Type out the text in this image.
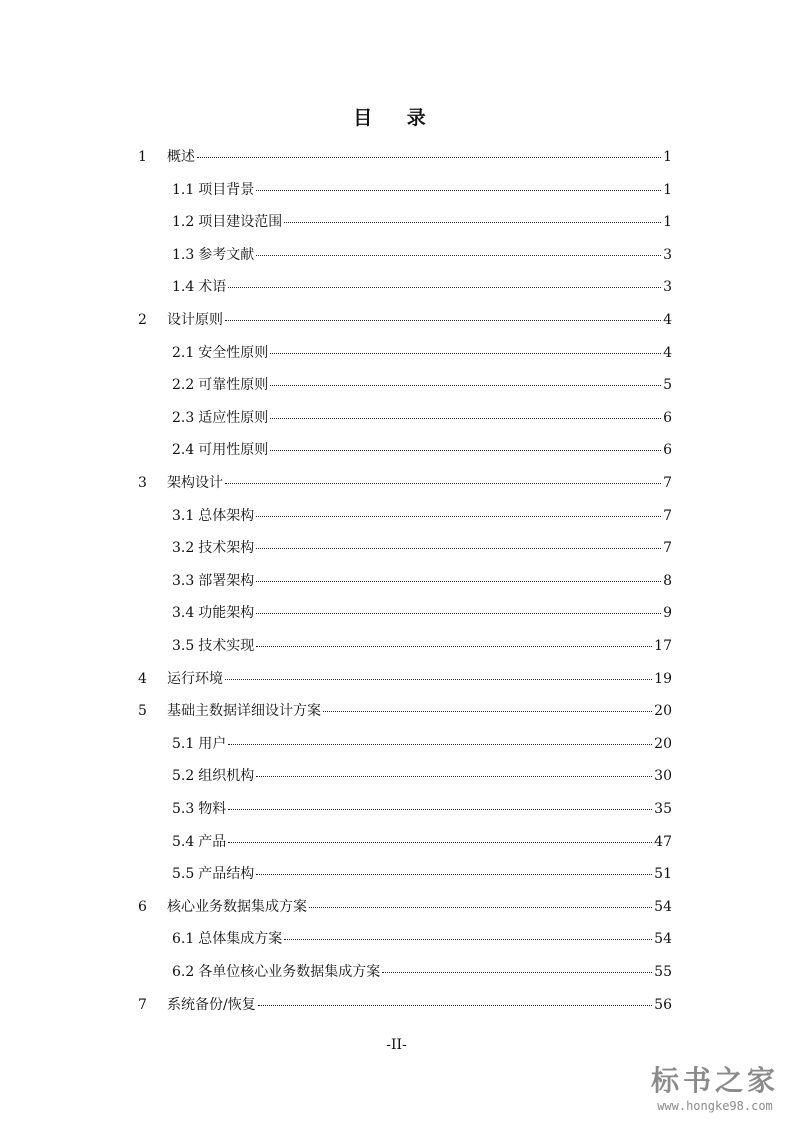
目 录
1	概述	1
1.1 项目背景	1
1.2 项目建设范围	1
1.3 参考文献	3
1.4 术语	3
2	设计原则	4
2.1 安全性原则	4
2.2 可靠性原则	5
2.3 适应性原则	6
2.4 可用性原则	6
3	架构设计	7
3.1 总体架构	7
3.2 技术架构	7
3.3 部署架构	8
3.4 功能架构	9
3.5 技术实现	17
4	运行环境	19
5	基础主数据详细设计方案	20
5.1 用户	20
5.2 组织机构	30
5.3 物料	35
5.4 产品	47
5.5 产品结构	51
6	核心业务数据集成方案	54
6.1 总体集成方案	54
6.2 各单位核心业务数据集成方案	55
7	系统备份/恢复	56
-II-
标书之家
www.hongke98.com
